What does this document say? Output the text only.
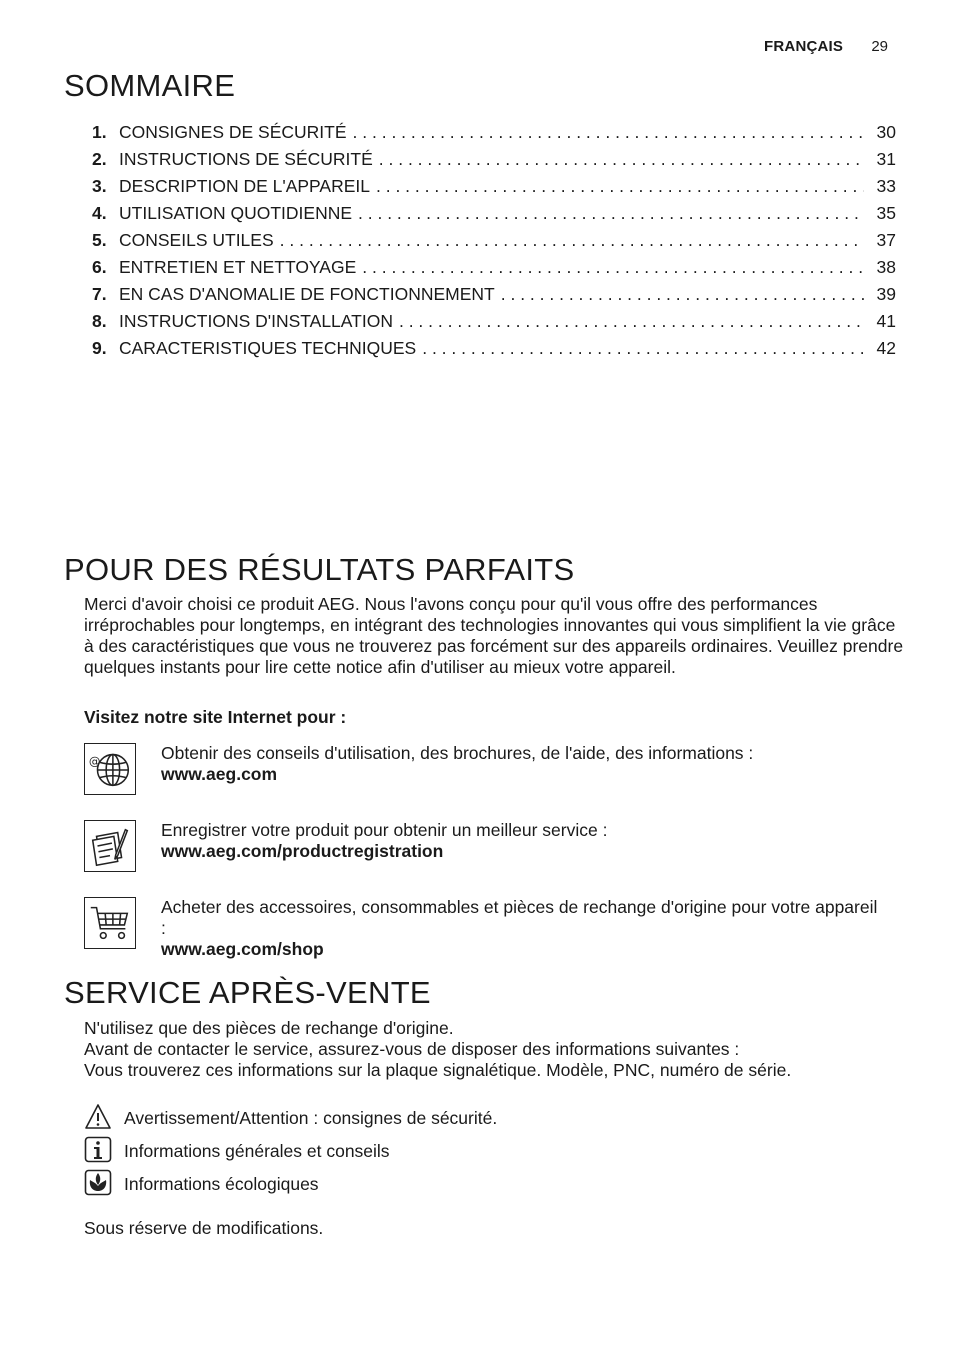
FRANÇAIS 29
SOMMAIRE
1. CONSIGNES DE SÉCURITÉ . . .	30
2. INSTRUCTIONS DE SÉCURITÉ . . .	31
3. DESCRIPTION DE L'APPAREIL . . .	33
4. UTILISATION QUOTIDIENNE . . .	35
5. CONSEILS UTILES . . .	37
6. ENTRETIEN ET NETTOYAGE . . .	38
7. EN CAS D'ANOMALIE DE FONCTIONNEMENT . . .	39
8. INSTRUCTIONS D'INSTALLATION . . .	41
9. CARACTERISTIQUES TECHNIQUES . . .	42
POUR DES RÉSULTATS PARFAITS

Merci d'avoir choisi ce produit AEG. Nous l'avons conçu pour qu'il vous offre des performances irréprochables pour longtemps, en intégrant des technologies innovantes qui vous simplifient la vie grâce à des caractéristiques que vous ne trouverez pas forcément sur des appareils ordinaires. Veuillez prendre quelques instants pour lire cette notice afin d'utiliser au mieux votre appareil.

Visitez notre site Internet pour :

@	Obtenir des conseils d'utilisation, des brochures, de l'aide, des informations :
www.aeg.com
Enregistrer votre produit pour obtenir un meilleur service :
www.aeg.com/productregistration
Acheter des accessoires, consommables et pièces de rechange d'origine pour votre appareil :
www.aeg.com/shop
SERVICE APRÈS-VENTE

N'utilisez que des pièces de rechange d'origine.

Avant de contacter le service, assurez-vous de disposer des informations suivantes :

Vous trouverez ces informations sur la plaque signalétique. Modèle, PNC, numéro de série.

Avertissement/Attention : consignes de sécurité.
Informations générales et conseils
Informations écologiques

Sous réserve de modifications.
